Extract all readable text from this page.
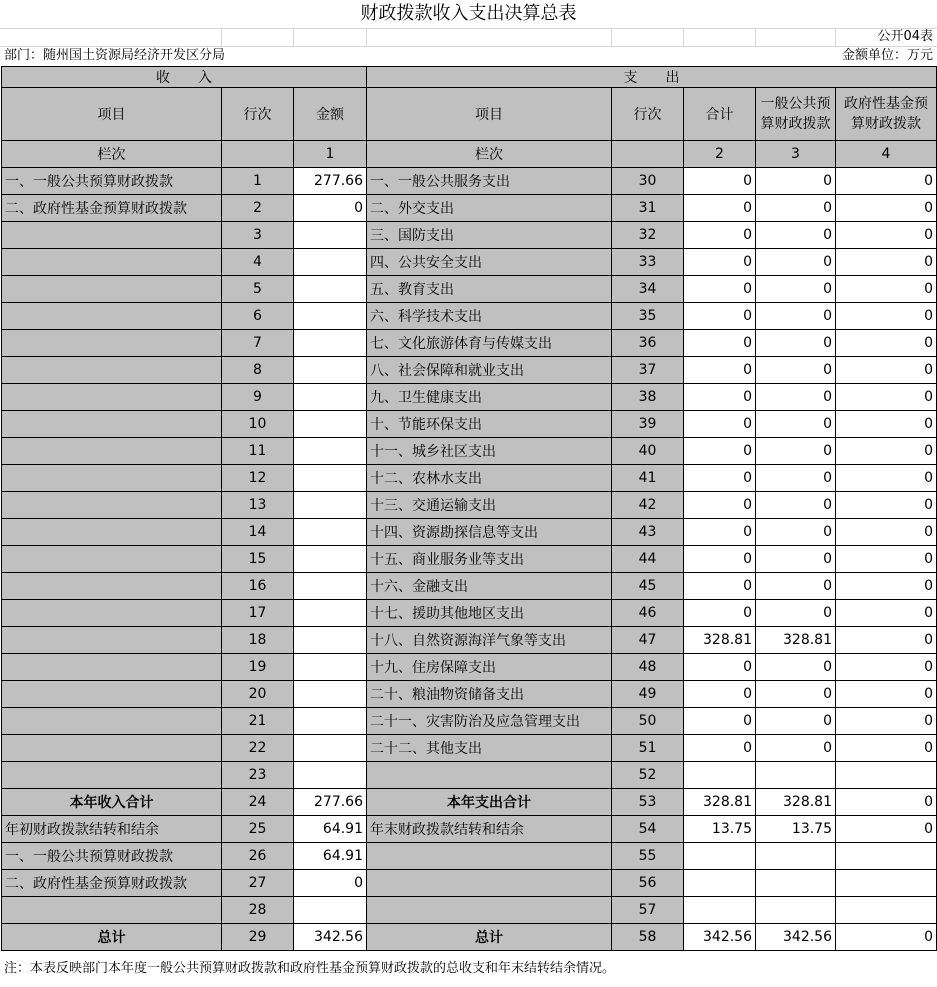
财政拨款收入支出决算总表
公开04表
部门：随州国土资源局经济开发区分局	金额单位：万元
收　　入			支　　出				
项目	行次	金额	项目	行次	合计	一般公共预算财政拨款	政府性基金预算财政拨款
栏次		1	栏次		2	3	4
一、一般公共预算财政拨款	1	277.66	一、一般公共服务支出	30	0	0	0
二、政府性基金预算财政拨款	2	0	二、外交支出	31	0	0	0
	3		三、国防支出	32	0	0	0
	4		四、公共安全支出	33	0	0	0
	5		五、教育支出	34	0	0	0
	6		六、科学技术支出	35	0	0	0
	7		七、文化旅游体育与传媒支出	36	0	0	0
	8		八、社会保障和就业支出	37	0	0	0
	9		九、卫生健康支出	38	0	0	0
	10		十、节能环保支出	39	0	0	0
	11		十一、城乡社区支出	40	0	0	0
	12		十二、农林水支出	41	0	0	0
	13		十三、交通运输支出	42	0	0	0
	14		十四、资源勘探信息等支出	43	0	0	0
	15		十五、商业服务业等支出	44	0	0	0
	16		十六、金融支出	45	0	0	0
	17		十七、援助其他地区支出	46	0	0	0
	18		十八、自然资源海洋气象等支出	47	328.81	328.81	0
	19		十九、住房保障支出	48	0	0	0
	20		二十、粮油物资储备支出	49	0	0	0
	21		二十一、灾害防治及应急管理支出	50	0	0	0
	22		二十二、其他支出	51	0	0	0
	23			52			
本年收入合计	24	277.66	本年支出合计	53	328.81	328.81	0
年初财政拨款结转和结余	25	64.91	年末财政拨款结转和结余	54	13.75	13.75	0
一、一般公共预算财政拨款	26	64.91		55			
二、政府性基金预算财政拨款	27	0		56			
	28			57			
总计	29	342.56	总计	58	342.56	342.56	0
注：本表反映部门本年度一般公共预算财政拨款和政府性基金预算财政拨款的总收支和年末结转结余情况。
